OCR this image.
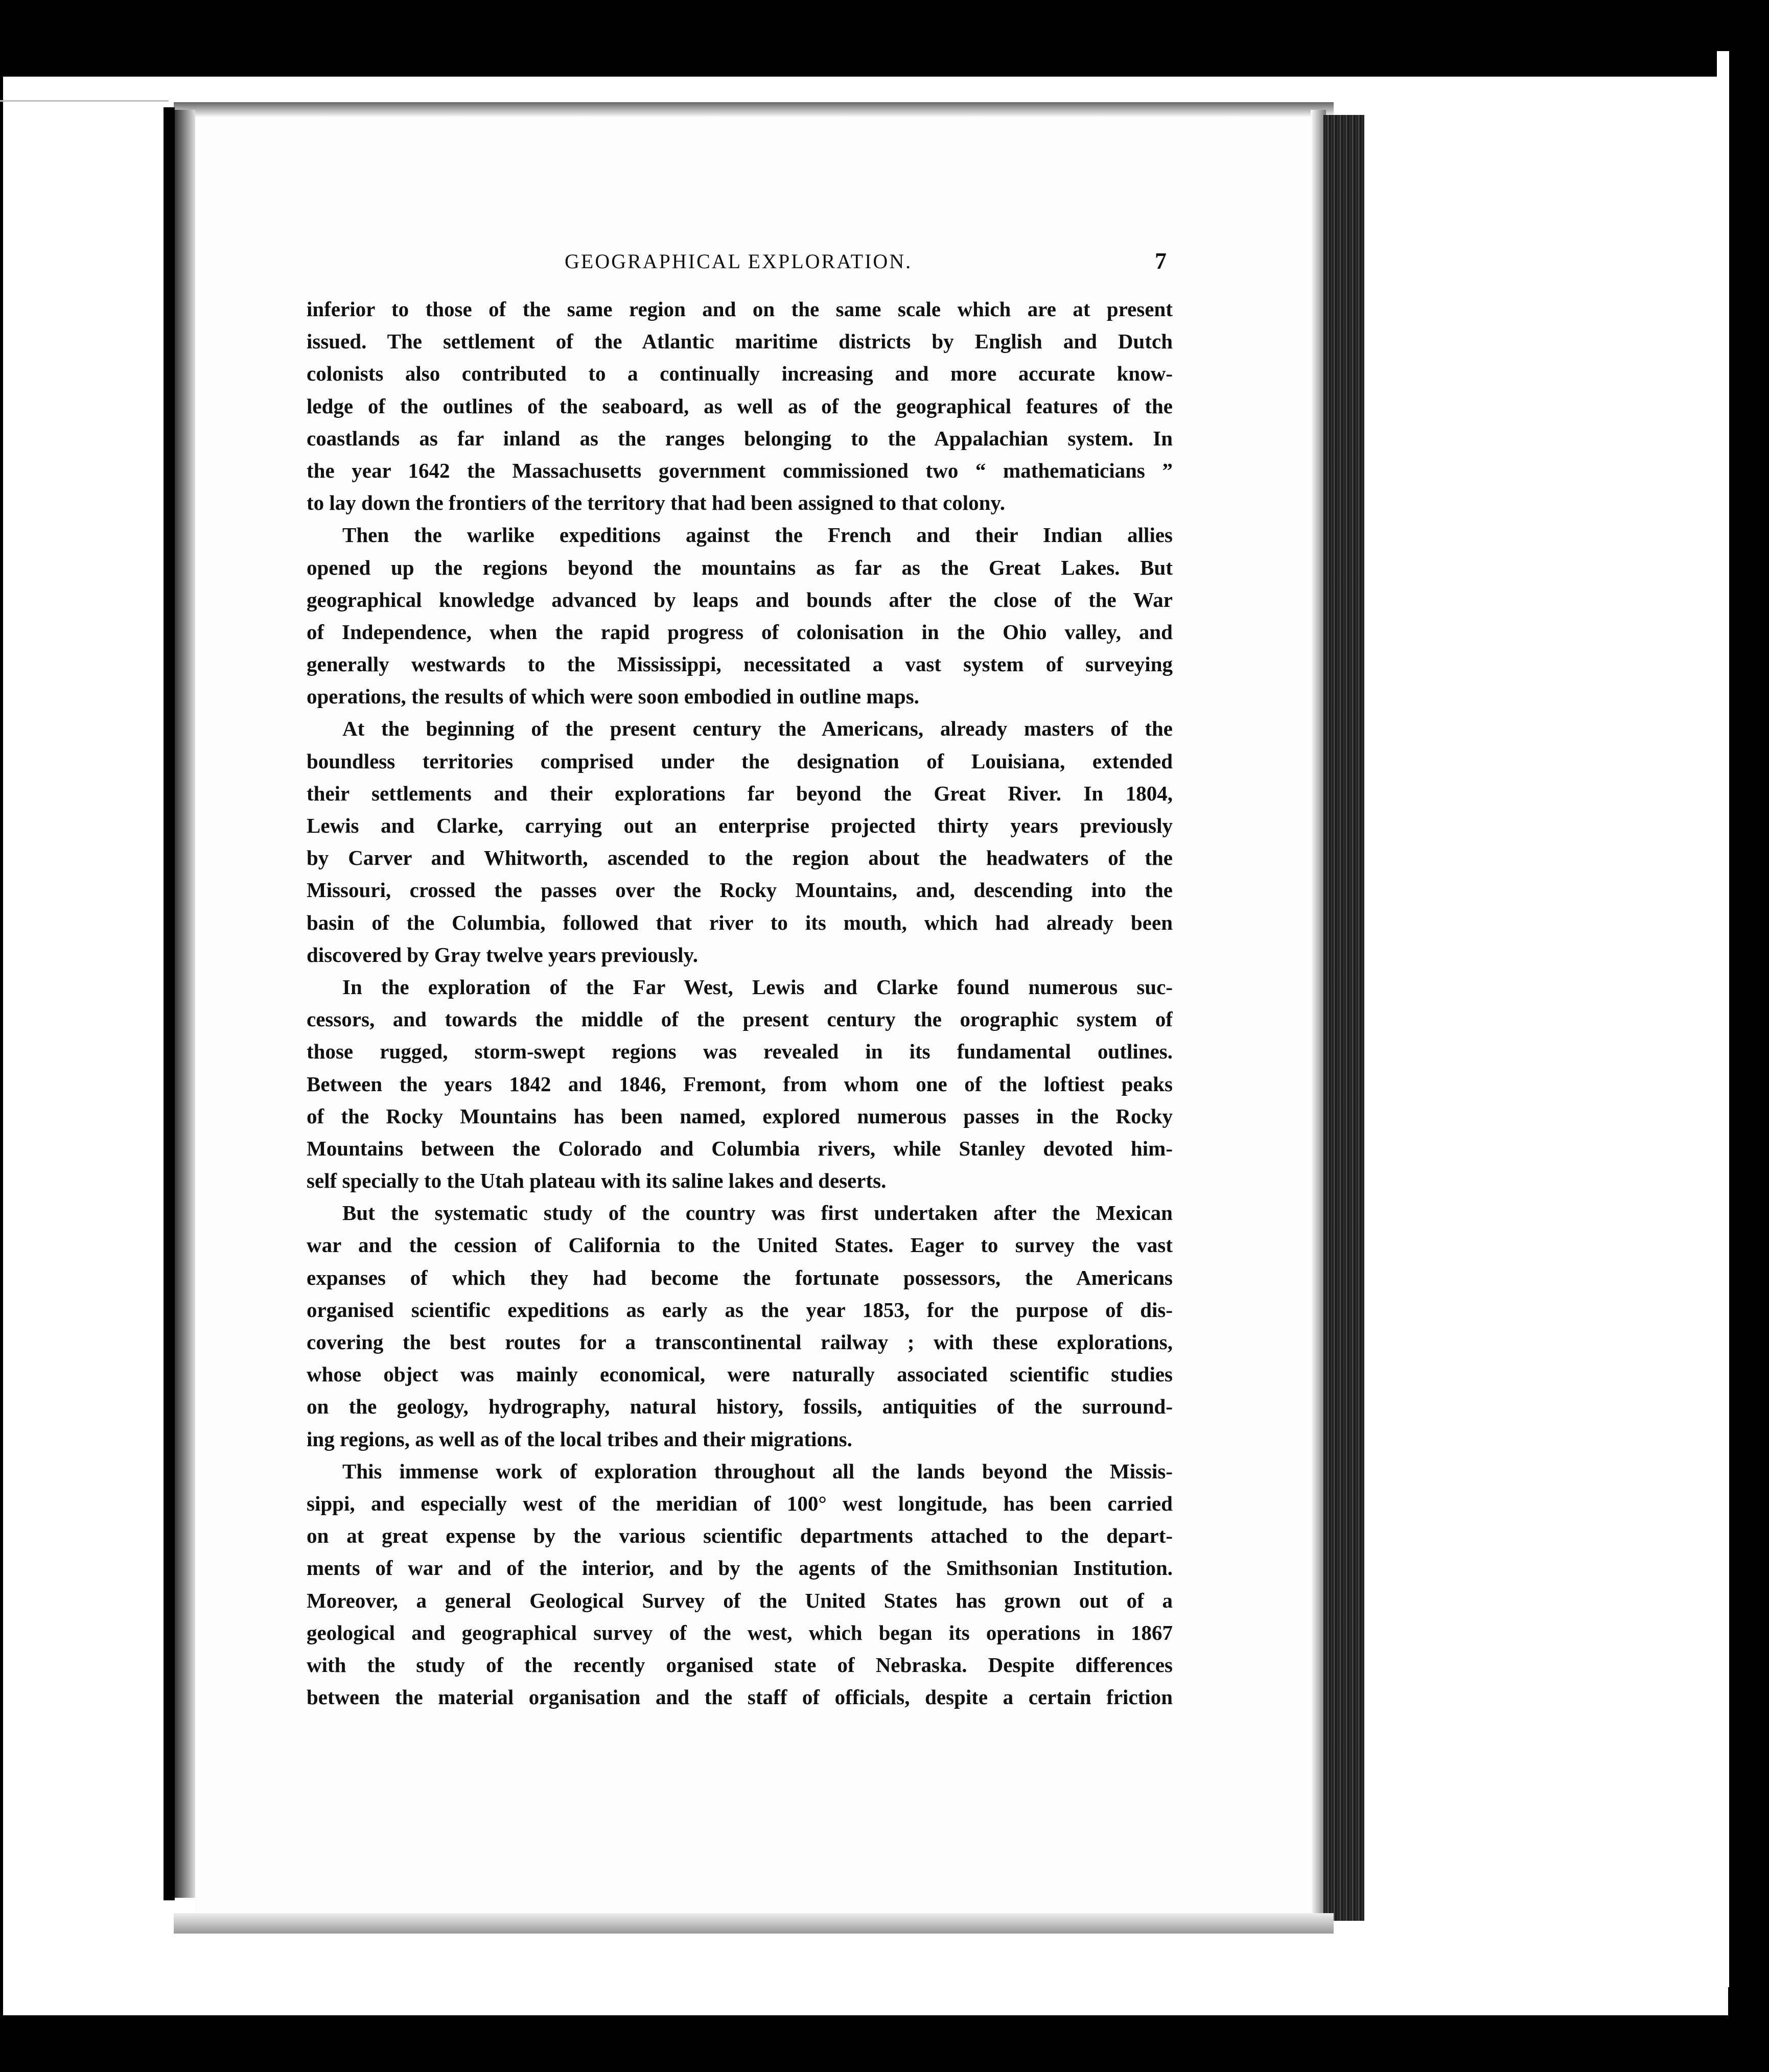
GEOGRAPHICAL EXPLORATION.	7
inferior to those of the same region and on the same scale which are at present
issued. The settlement of the Atlantic maritime districts by English and Dutch
colonists also contributed to a continually increasing and more accurate know-
ledge of the outlines of the seaboard, as well as of the geographical features of the
coastlands as far inland as the ranges belonging to the Appalachian system. In
the year 1642 the Massachusetts government commissioned two “ mathematicians ”
to lay down the frontiers of the territory that had been assigned to that colony.
Then the warlike expeditions against the French and their Indian allies
opened up the regions beyond the mountains as far as the Great Lakes. But
geographical knowledge advanced by leaps and bounds after the close of the War
of Independence, when the rapid progress of colonisation in the Ohio valley, and
generally westwards to the Mississippi, necessitated a vast system of surveying
operations, the results of which were soon embodied in outline maps.
At the beginning of the present century the Americans, already masters of the
boundless territories comprised under the designation of Louisiana, extended
their settlements and their explorations far beyond the Great River. In 1804,
Lewis and Clarke, carrying out an enterprise projected thirty years previously
by Carver and Whitworth, ascended to the region about the headwaters of the
Missouri, crossed the passes over the Rocky Mountains, and, descending into the
basin of the Columbia, followed that river to its mouth, which had already been
discovered by Gray twelve years previously.
In the exploration of the Far West, Lewis and Clarke found numerous suc-
cessors, and towards the middle of the present century the orographic system of
those rugged, storm-swept regions was revealed in its fundamental outlines.
Between the years 1842 and 1846, Fremont, from whom one of the loftiest peaks
of the Rocky Mountains has been named, explored numerous passes in the Rocky
Mountains between the Colorado and Columbia rivers, while Stanley devoted him-
self specially to the Utah plateau with its saline lakes and deserts.
But the systematic study of the country was first undertaken after the Mexican
war and the cession of California to the United States. Eager to survey the vast
expanses of which they had become the fortunate possessors, the Americans
organised scientific expeditions as early as the year 1853, for the purpose of dis-
covering the best routes for a transcontinental railway ; with these explorations,
whose object was mainly economical, were naturally associated scientific studies
on the geology, hydrography, natural history, fossils, antiquities of the surround-
ing regions, as well as of the local tribes and their migrations.
This immense work of exploration throughout all the lands beyond the Missis-
sippi, and especially west of the meridian of 100° west longitude, has been carried
on at great expense by the various scientific departments attached to the depart-
ments of war and of the interior, and by the agents of the Smithsonian Institution.
Moreover, a general Geological Survey of the United States has grown out of a
geological and geographical survey of the west, which began its operations in 1867
with the study of the recently organised state of Nebraska. Despite differences
between the material organisation and the staff of officials, despite a certain friction
